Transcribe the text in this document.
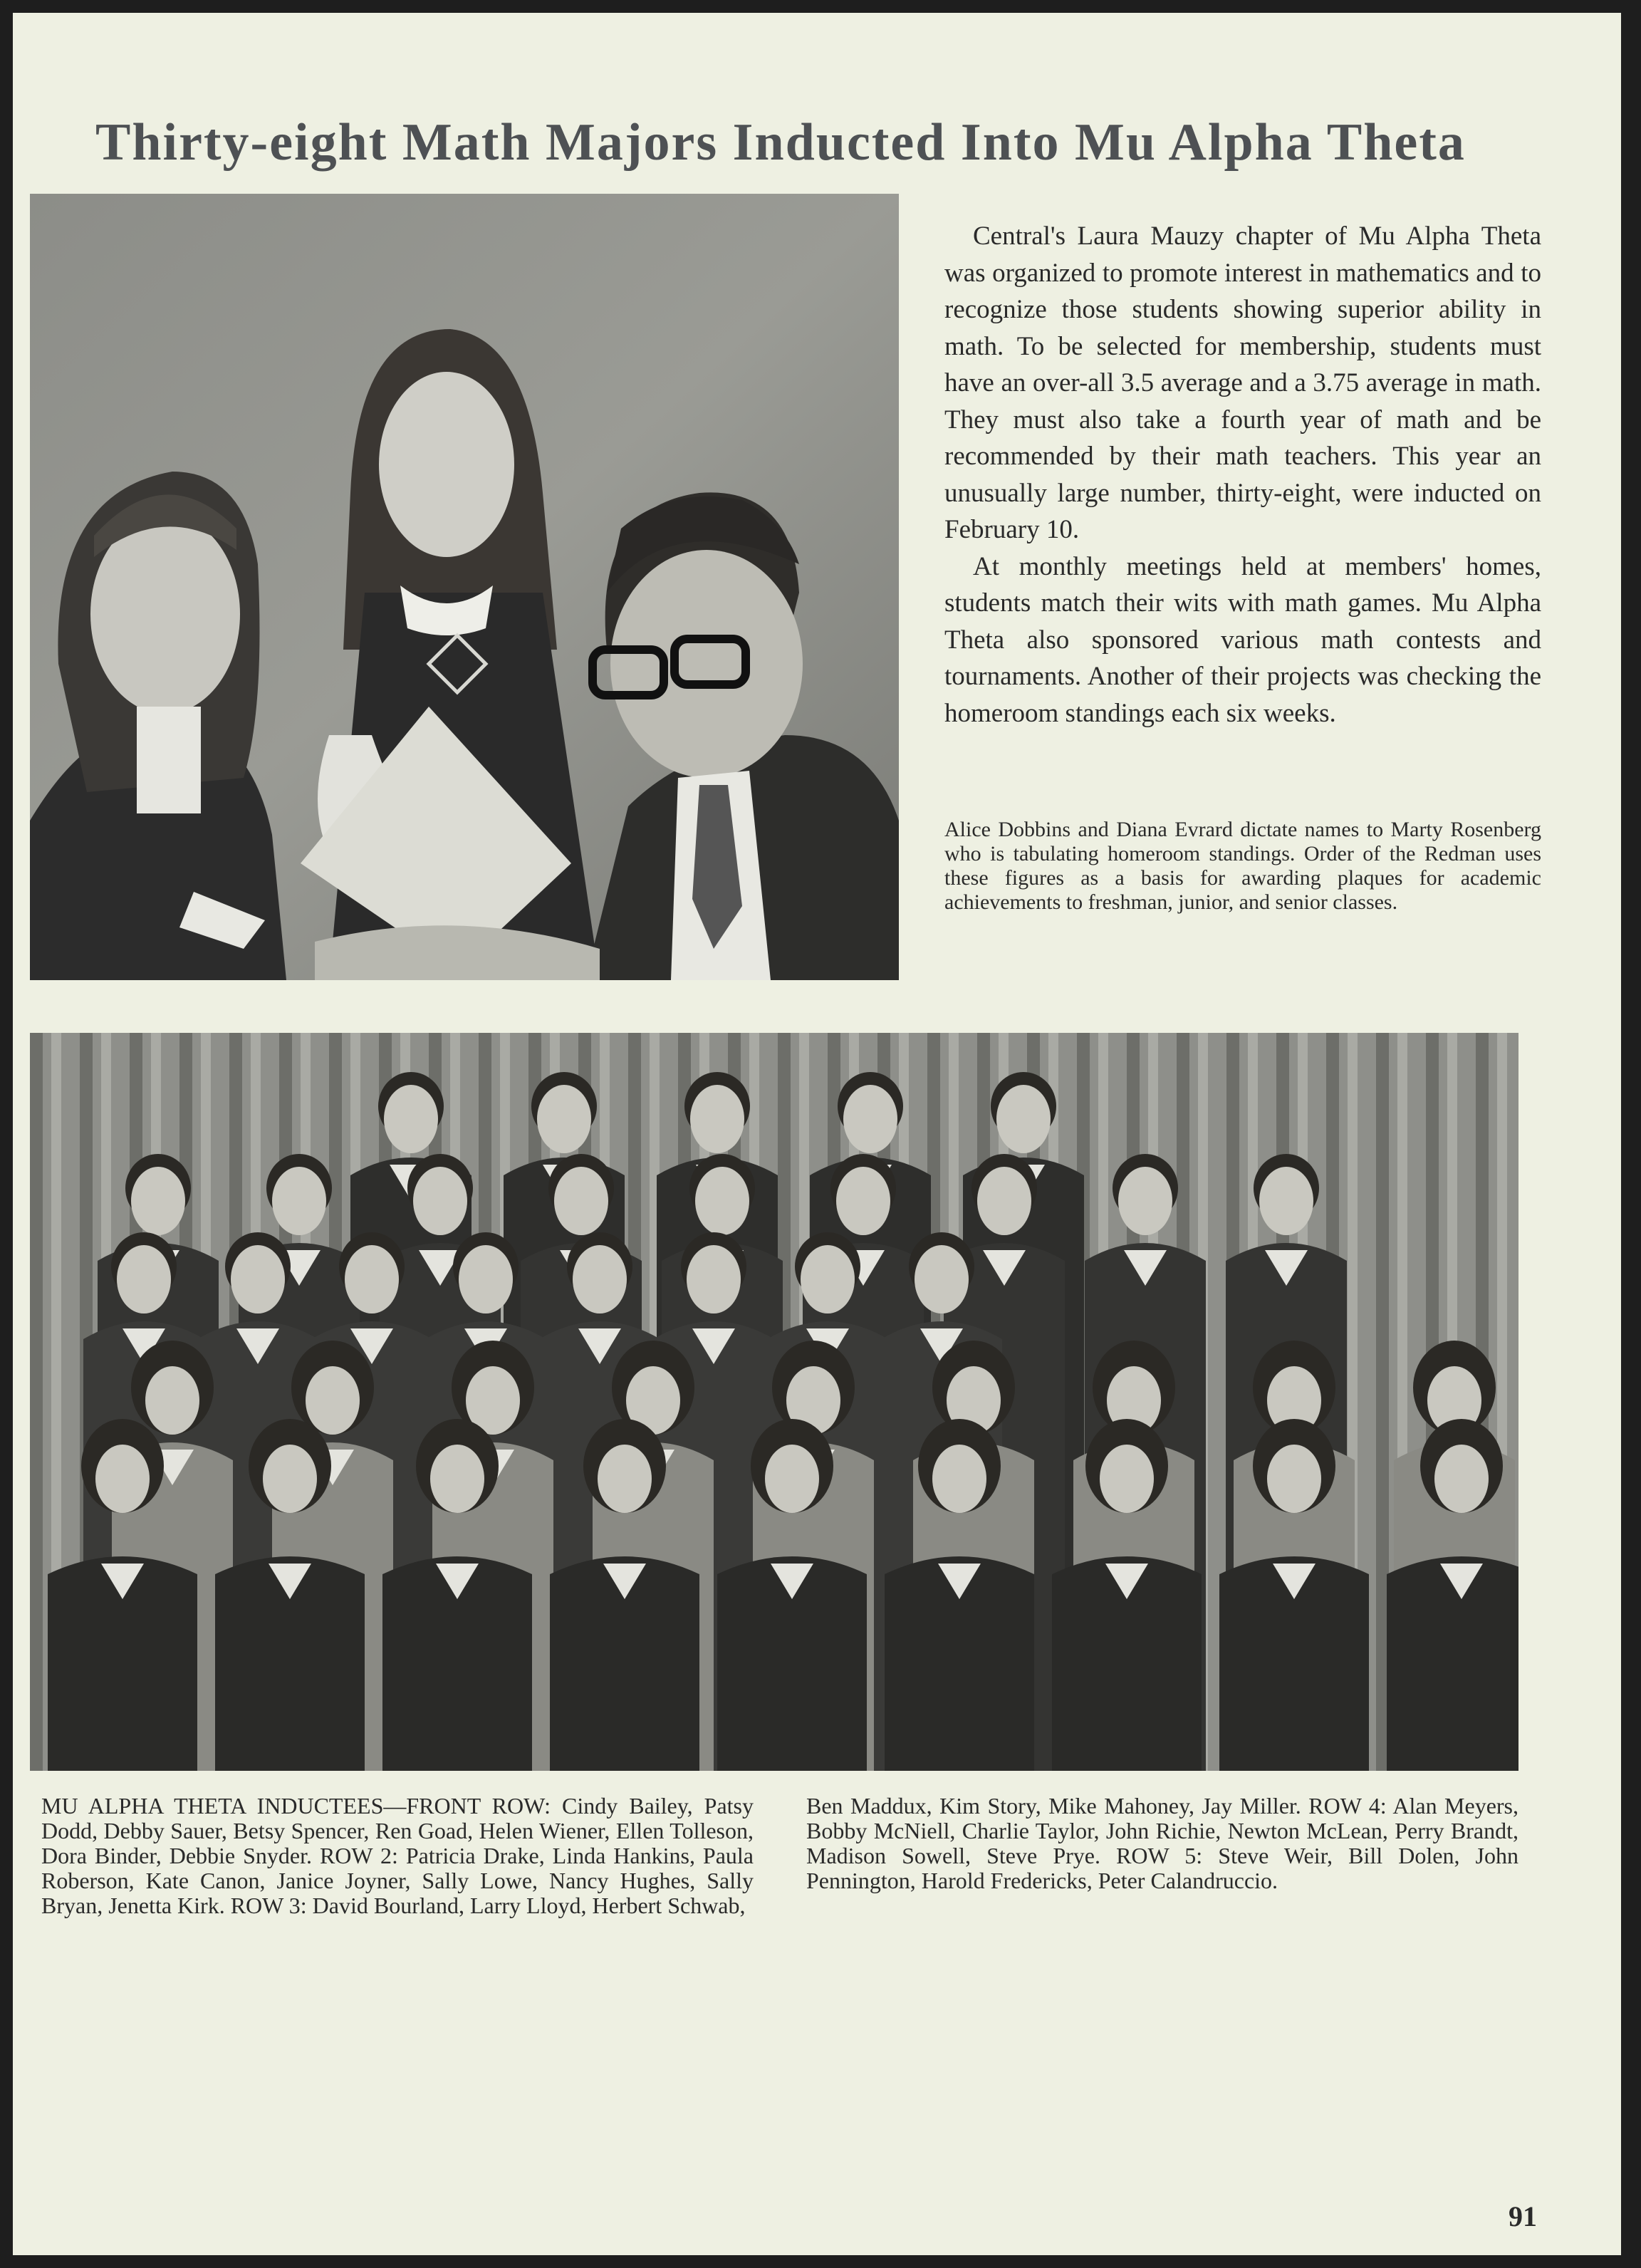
Thirty-eight Math Majors Inducted Into Mu Alpha Theta

Central's Laura Mauzy chapter of Mu Alpha Theta was organized to promote interest in mathematics and to recognize those students showing superior ability in math. To be selected for membership, students must have an over-all 3.5 average and a 3.75 average in math. They must also take a fourth year of math and be recommended by their math teachers. This year an unusually large number, thirty-eight, were inducted on February 10.

At monthly meetings held at members' homes, students match their wits with math games. Mu Alpha Theta also sponsored various math contests and tournaments. Another of their projects was checking the homeroom standings each six weeks.

Alice Dobbins and Diana Evrard dictate names to Marty Rosenberg who is tabulating homeroom standings. Order of the Redman uses these figures as a basis for awarding plaques for academic achievements to freshman, junior, and senior classes.
MU ALPHA THETA INDUCTEES—FRONT ROW: Cindy Bailey, Patsy Dodd, Debby Sauer, Betsy Spencer, Ren Goad, Helen Wiener, Ellen Tolleson, Dora Binder, Debbie Snyder. ROW 2: Patricia Drake, Linda Hankins, Paula Roberson, Kate Canon, Janice Joyner, Sally Lowe, Nancy Hughes, Sally Bryan, Jenetta Kirk. ROW 3: David Bourland, Larry Lloyd, Herbert Schwab,
Ben Maddux, Kim Story, Mike Mahoney, Jay Miller. ROW 4: Alan Meyers, Bobby McNiell, Charlie Taylor, John Richie, Newton McLean, Perry Brandt, Madison Sowell, Steve Prye. ROW 5: Steve Weir, Bill Dolen, John Pennington, Harold Fredericks, Peter Calandruccio.
91
